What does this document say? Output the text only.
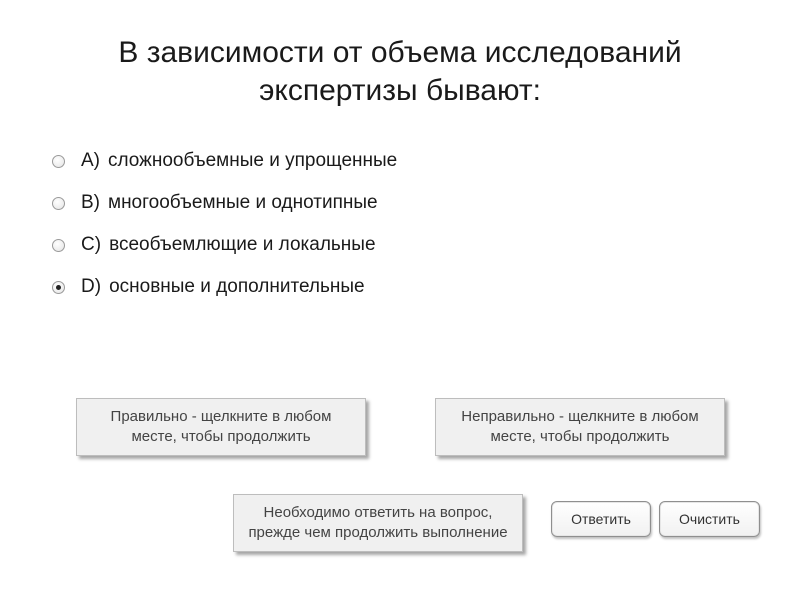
В зависимости от объема исследований
экспертизы бывают:
A) сложнообъемные и упрощенные
B) многообъемные и однотипные
C) всеобъемлющие и локальные
D) основные и дополнительные
Правильно - щелкните в любом
месте, чтобы продолжить
Неправильно - щелкните в любом
месте, чтобы продолжить
Необходимо ответить на вопрос,
прежде чем продолжить выполнение
Ответить	Очистить
